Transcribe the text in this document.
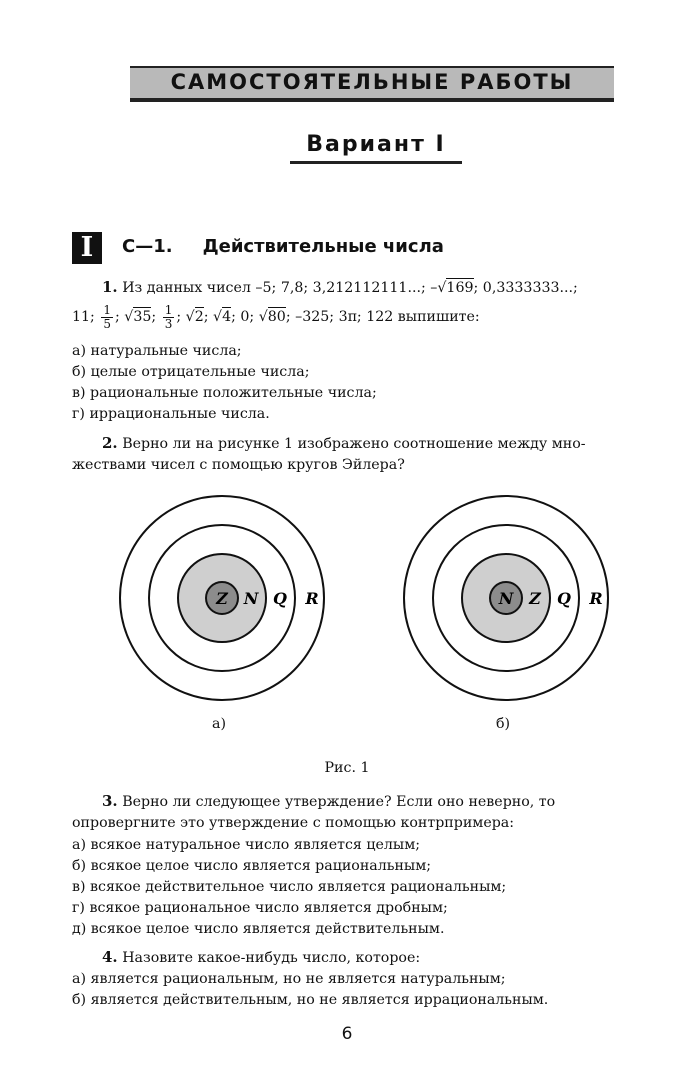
САМОСТОЯТЕЛЬНЫЕ РАБОТЫ
Вариант I
I	С—1. Действительные числа
1. Из данных чисел –5; 7,8; 3,212112111...; –√169; 0,3333333...;
11; $\frac{1}{5}$ ; √35; $\frac{1}{3}$ ; √2; √4; 0; √80; –325; 3π; 122 выпишите:
а) натуральные числа;
б) целые отрицательные числа;
в) рациональные положительные числа;
г) иррациональные числа.
2. Верно ли на рисунке 1 изображено соотношение между мно-
жествами чисел с помощью кругов Эйлера?
Z N Q R	N Z Q R
а)	б)
Рис. 1
3. Верно ли следующее утверждение? Если оно неверно, то
опровергните это утверждение с помощью контрпримера:
а) всякое натуральное число является целым;
б) всякое целое число является рациональным;
в) всякое действительное число является рациональным;
г) всякое рациональное число является дробным;
д) всякое целое число является действительным.
4. Назовите какое-нибудь число, которое:
а) является рациональным, но не является натуральным;
б) является действительным, но не является иррациональным.
6
